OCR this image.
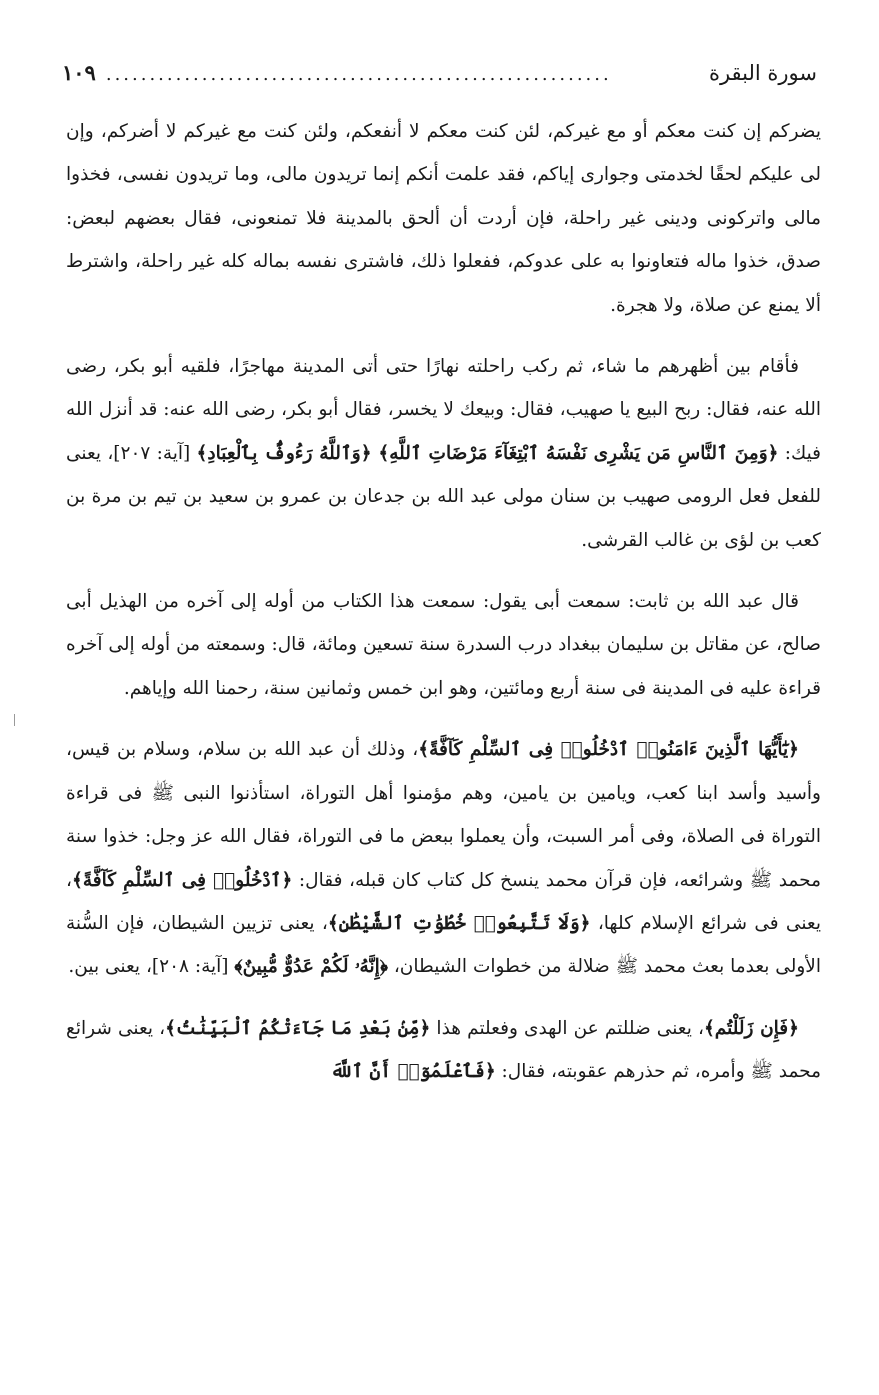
سورة البقرة
..........................................................
١٠٩

يضركم إن كنت معكم أو مع غيركم، لئن كنت معكم لا أنفعكم، ولئن كنت مع غيركم لا أضركم، وإن لى عليكم لحقًا لخدمتى وجوارى إياكم، فقد علمت أنكم إنما تريدون مالى، وما تريدون نفسى، فخذوا مالى واتركونى ودينى غير راحلة، فإن أردت أن ألحق بالمدينة فلا تمنعونى، فقال بعضهم لبعض: صدق، خذوا ماله فتعاونوا به على عدوكم، ففعلوا ذلك، فاشترى نفسه بماله كله غير راحلة، واشترط ألا يمنع عن صلاة، ولا هجرة.

فأقام بين أظهرهم ما شاء، ثم ركب راحلته نهارًا حتى أتى المدينة مهاجرًا، فلقيه أبو بكر، رضى الله عنه، فقال: ربح البيع يا صهيب، فقال: وبيعك لا يخسر، فقال أبو بكر، رضى الله عنه: قد أنزل الله فيك: ﴿وَمِنَ ٱلنَّاسِ مَن يَشْرِى نَفْسَهُ ٱبْتِغَآءَ مَرْضَاتِ ٱللَّهِ﴾ ﴿وَٱللَّهُ رَءُوفٌۢ بِٱلْعِبَادِ﴾ [آية: ٢٠٧]، يعنى للفعل فعل الرومى صهيب بن سنان مولى عبد الله بن جدعان بن عمرو بن سعيد بن تيم بن مرة بن كعب بن لؤى بن غالب القرشى.

قال عبد الله بن ثابت: سمعت أبى يقول: سمعت هذا الكتاب من أوله إلى آخره من الهذيل أبى صالح، عن مقاتل بن سليمان ببغداد درب السدرة سنة تسعين ومائة، قال: وسمعته من أوله إلى آخره قراءة عليه فى المدينة فى سنة أربع ومائتين، وهو ابن خمس وثمانين سنة، رحمنا الله وإياهم.

﴿يَٰٓأَيُّهَا ٱلَّذِينَ ءَامَنُوا۟ ٱدْخُلُوا۟ فِى ٱلسِّلْمِ كَآفَّةً﴾، وذلك أن عبد الله بن سلام، وسلام بن قيس، وأسيد وأسد ابنا كعب، ويامين بن يامين، وهم مؤمنوا أهل التوراة، استأذنوا النبى ﷺ فى قراءة التوراة فى الصلاة، وفى أمر السبت، وأن يعملوا ببعض ما فى التوراة، فقال الله عز وجل: خذوا سنة محمد ﷺ وشرائعه، فإن قرآن محمد ينسخ كل كتاب كان قبله، فقال: ﴿ٱدْخُلُوا۟ فِى ٱلسِّلْمِ كَآفَّةً﴾، يعنى فى شرائع الإسلام كلها، ﴿وَلَا تَتَّبِعُوا۟ خُطُوَٰتِ ٱلشَّيْطَٰنِ﴾، يعنى تزيين الشيطان، فإن السُّنة الأولى بعدما بعث محمد ﷺ ضلالة من خطوات الشيطان، ﴿إِنَّهُۥ لَكُمْ عَدُوٌّ مُّبِينٌ﴾ [آية: ٢٠٨]، يعنى بين.

﴿فَإِن زَلَلْتُم﴾، يعنى ضللتم عن الهدى وفعلتم هذا ﴿مِّنۢ بَعْدِ مَا جَآءَتْكُمُ ٱلْبَيِّنَٰتُ﴾، يعنى شرائع محمد ﷺ وأمره، ثم حذرهم عقوبته، فقال: ﴿فَٱعْلَمُوٓا۟ أَنَّ ٱللَّهَ
